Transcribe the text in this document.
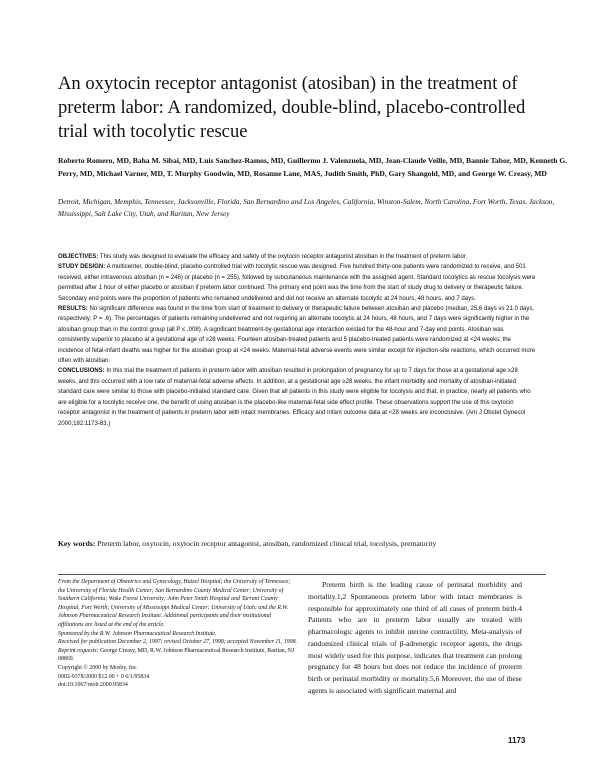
An oxytocin receptor antagonist (atosiban) in the treatment of preterm labor: A randomized, double-blind, placebo-controlled trial with tocolytic rescue

Roberto Romero, MD, Baha M. Sibai, MD, Luis Sanchez-Ramos, MD, Guillermo J. Valenzuela, MD, Jean-Claude Veille, MD, Bannie Tabor, MD, Kenneth G. Perry, MD, Michael Varner, MD, T. Murphy Goodwin, MD, Rosanne Lane, MAS, Judith Smith, PhD, Gary Shangold, MD, and George W. Creasy, MD

Detroit, Michigan, Memphis, Tennessee, Jacksonville, Florida, San Bernardino and Los Angeles, California, Winston-Salem, North Carolina, Fort Worth, Texas, Jackson, Mississippi, Salt Lake City, Utah, and Raritan, New Jersey

OBJECTIVES: This study was designed to evaluate the efficacy and safety of the oxytocin receptor antagonist atosiban in the treatment of preterm labor.

STUDY DESIGN: A multicenter, double-blind, placebo-controlled trial with tocolytic rescue was designed. Five hundred thirty-one patients were randomized to receive, and 501 received, either intravenous atosiban (n = 246) or placebo (n = 255), followed by subcutaneous maintenance with the assigned agent. Standard tocolytics as rescue tocolysis were permitted after 1 hour of either placebo or atosiban if preterm labor continued. The primary end point was the time from the start of study drug to delivery or therapeutic failure. Secondary end points were the proportion of patients who remained undelivered and did not receive an alternate tocolytic at 24 hours, 48 hours, and 7 days.

RESULTS: No significant difference was found in the time from start of treatment to delivery or therapeutic failure between atosiban and placebo (median, 25.6 days vs 21.0 days, respectively; P = .6). The percentages of patients remaining undelivered and not requiring an alternate tocolytic at 24 hours, 48 hours, and 7 days were significantly higher in the atosiban group than in the control group (all P ≤ .008). A significant treatment-by-gestational age interaction existed for the 48-hour and 7-day end points. Atosiban was consistently superior to placebo at a gestational age of ≥28 weeks. Fourteen atosiban-treated patients and 5 placebo-treated patients were randomized at <24 weeks; the incidence of fetal-infant deaths was higher for the atosiban group at <24 weeks. Maternal-fetal adverse events were similar except for injection-site reactions, which occurred more often with atosiban.

CONCLUSIONS: In this trial the treatment of patients in preterm labor with atosiban resulted in prolongation of pregnancy for up to 7 days for those at a gestational age ≥28 weeks, and this occurred with a low rate of maternal-fetal adverse effects. In addition, at a gestational age ≥28 weeks, the infant morbidity and mortality of atosiban-initiated standard care were similar to those with placebo-initiated standard care. Given that all patients in this study were eligible for tocolysis and that, in practice, nearly all patients who are eligible for a tocolytic receive one, the benefit of using atosiban is the placebo-like maternal-fetal side effect profile. These observations support the use of this oxytocin receptor antagonist in the treatment of patients in preterm labor with intact membranes. Efficacy and infant outcome data at <28 weeks are inconclusive. (Am J Obstet Gynecol 2000;182:1173-83.)

Key words: Preterm labor, oxytocin, oxytocin receptor antagonist, atosiban, randomized clinical trial, tocolysis, prematurity

From the Department of Obstetrics and Gynecology, Hutzel Hospital; the University of Tennessee; the University of Florida Health Center; San Bernardino County Medical Center; University of Southern California; Wake Forest University; John Peter Smith Hospital and Tarrant County Hospital, Fort Worth; University of Mississippi Medical Center; University of Utah; and the R.W. Johnson Pharmaceutical Research Institute. Additional participants and their institutional affiliations are listed at the end of the article.

Sponsored by the R.W. Johnson Pharmaceutical Research Institute.

Received for publication December 2, 1997; revised October 27, 1998; accepted November 11, 1998.

Reprint requests: George Creasy, MD, R.W. Johnson Pharmaceutical Research Institute, Raritan, NJ 08869.

Copyright © 2000 by Mosby, Inc.

0002-9378/2000 $12.00 + 0 6/1/95834

doi:10.1067/mob.2000.95834

Preterm birth is the leading cause of perinatal morbidity and mortality.1,2 Spontaneous preterm labor with intact membranes is responsible for approximately one third of all cases of preterm birth.4 Patients who are in preterm labor usually are treated with pharmacologic agents to inhibit uterine contractility. Meta-analysis of randomized clinical trials of β-adrenergic receptor agents, the drugs most widely used for this purpose, indicates that treatment can prolong pregnancy for 48 hours but does not reduce the incidence of preterm birth or perinatal morbidity or mortality.5,6 Moreover, the use of these agents is associated with significant maternal and

1173
